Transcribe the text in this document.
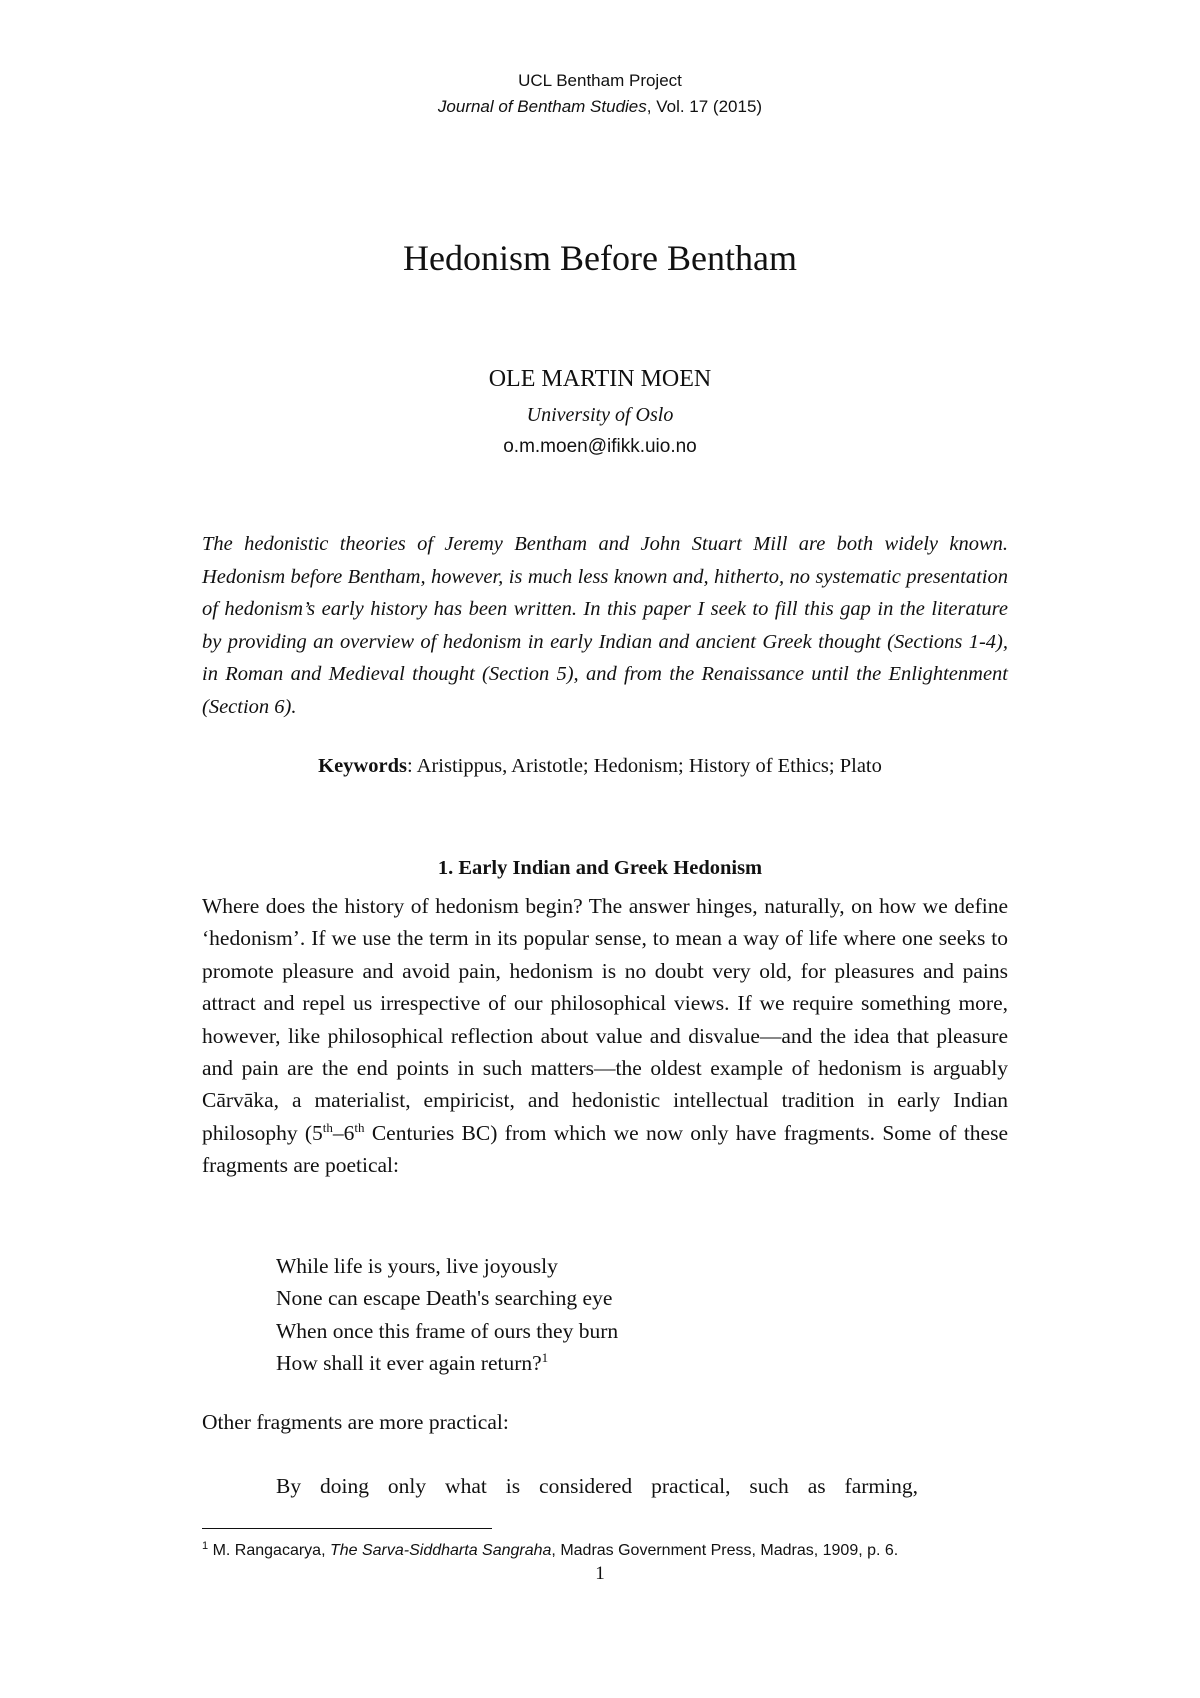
UCL Bentham Project
Journal of Bentham Studies, Vol. 17 (2015)
Hedonism Before Bentham
OLE MARTIN MOEN
University of Oslo
o.m.moen@ifikk.uio.no
The hedonistic theories of Jeremy Bentham and John Stuart Mill are both widely known. Hedonism before Bentham, however, is much less known and, hitherto, no systematic presentation of hedonism’s early history has been written. In this paper I seek to fill this gap in the literature by providing an overview of hedonism in early Indian and ancient Greek thought (Sections 1-4), in Roman and Medieval thought (Section 5), and from the Renaissance until the Enlightenment (Section 6).
Keywords: Aristippus, Aristotle; Hedonism; History of Ethics; Plato
1. Early Indian and Greek Hedonism
Where does the history of hedonism begin? The answer hinges, naturally, on how we define ‘hedonism’. If we use the term in its popular sense, to mean a way of life where one seeks to promote pleasure and avoid pain, hedonism is no doubt very old, for pleasures and pains attract and repel us irrespective of our philosophical views. If we require something more, however, like philosophical reflection about value and disvalue—and the idea that pleasure and pain are the end points in such matters—the oldest example of hedonism is arguably Cārvāka, a materialist, empiricist, and hedonistic intellectual tradition in early Indian philosophy (5th–6th Centuries BC) from which we now only have fragments. Some of these fragments are poetical:
While life is yours, live joyously
None can escape Death's searching eye
When once this frame of ours they burn
How shall it ever again return?$^1$
Other fragments are more practical:
By doing only what is considered practical, such as farming,
$^1$ M. Rangacarya, The Sarva-Siddharta Sangraha, Madras Government Press, Madras, 1909, p. 6.
1
